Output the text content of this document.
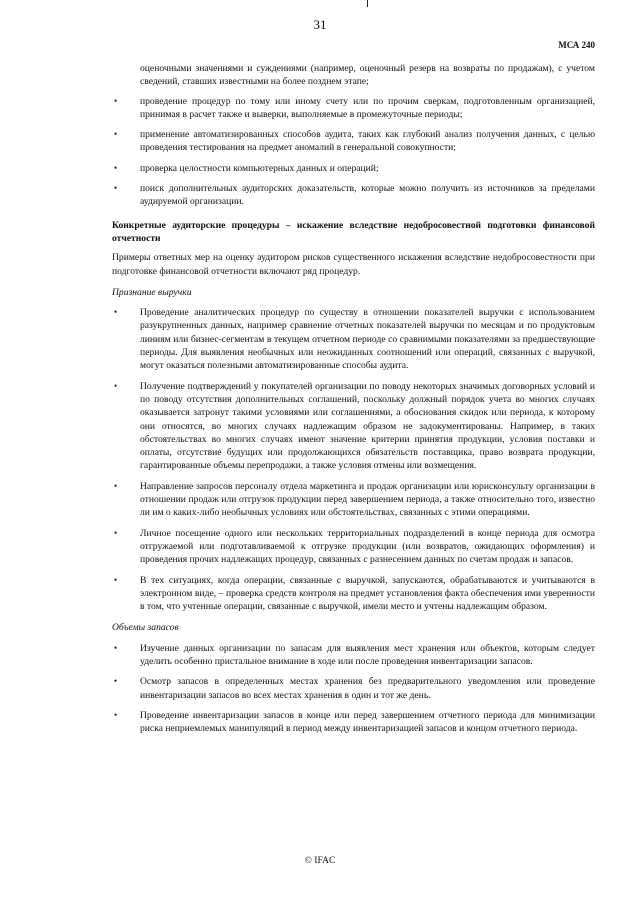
31
МСА 240

оценочными значениями и суждениями (например, оценочный резерв на возвраты по продажам), с учетом сведений, ставших известными на более позднем этапе;

• проведение процедур по тому или иному счету или по прочим сверкам, подготовленным организацией, принимая в расчет также и выверки, выполняемые в промежуточные периоды;
• применение автоматизированных способов аудита, таких как глубокий анализ получения данных, с целью проведения тестирования на предмет аномалий в генеральной совокупности;
• проверка целостности компьютерных данных и операций;
• поиск дополнительных аудиторских доказательств, которые можно получить из источников за пределами аудируемой организации.

Конкретные аудиторские процедуры – искажение вследствие недобросовестной подготовки финансовой отчетности

Примеры ответных мер на оценку аудитором рисков существенного искажения вследствие недобросовестности при подготовке финансовой отчетности включают ряд процедур.

Признание выручки

• Проведение аналитических процедур по существу в отношении показателей выручки с использованием разукрупненных данных, например сравнение отчетных показателей выручки по месяцам и по продуктовым линиям или бизнес-сегментам в текущем отчетном периоде со сравнимыми показателями за предшествующие периоды. Для выявления необычных или неожиданных соотношений или операций, связанных с выручкой, могут оказаться полезными автоматизированные способы аудита.
• Получение подтверждений у покупателей организации по поводу некоторых значимых договорных условий и по поводу отсутствия дополнительных соглашений, поскольку должный порядок учета во многих случаях оказывается затронут такими условиями или соглашениями, а обоснования скидок или периода, к которому они относятся, во многих случаях надлежащим образом не задокументированы. Например, в таких обстоятельствах во многих случаях имеют значение критерии принятия продукции, условия поставки и оплаты, отсутствие будущих или продолжающихся обязательств поставщика, право возврата продукции, гарантированные объемы перепродажи, а также условия отмены или возмещения.
• Направление запросов персоналу отдела маркетинга и продаж организации или юрисконсульту организации в отношении продаж или отгрузок продукции перед завершением периода, а также относительно того, известно ли им о каких-либо необычных условиях или обстоятельствах, связанных с этими операциями.
• Личное посещение одного или нескольких территориальных подразделений в конце периода для осмотра отгружаемой или подготавливаемой к отгрузке продукции (или возвратов, ожидающих оформления) и проведения прочих надлежащих процедур, связанных с разнесением данных по счетам продаж и запасов.
• В тех ситуациях, когда операции, связанные с выручкой, запускаются, обрабатываются и учитываются в электронном виде, – проверка средств контроля на предмет установления факта обеспечения ими уверенности в том, что учтенные операции, связанные с выручкой, имели место и учтены надлежащим образом.

Объемы запасов

• Изучение данных организации по запасам для выявления мест хранения или объектов, которым следует уделить особенно пристальное внимание в ходе или после проведения инвентаризации запасов.
• Осмотр запасов в определенных местах хранения без предварительного уведомления или проведение инвентаризации запасов во всех местах хранения в один и тот же день.
• Проведение инвентаризации запасов в конце или перед завершением отчетного периода для минимизации риска неприемлемых манипуляций в период между инвентаризацией запасов и концом отчетного периода.
© IFAC
